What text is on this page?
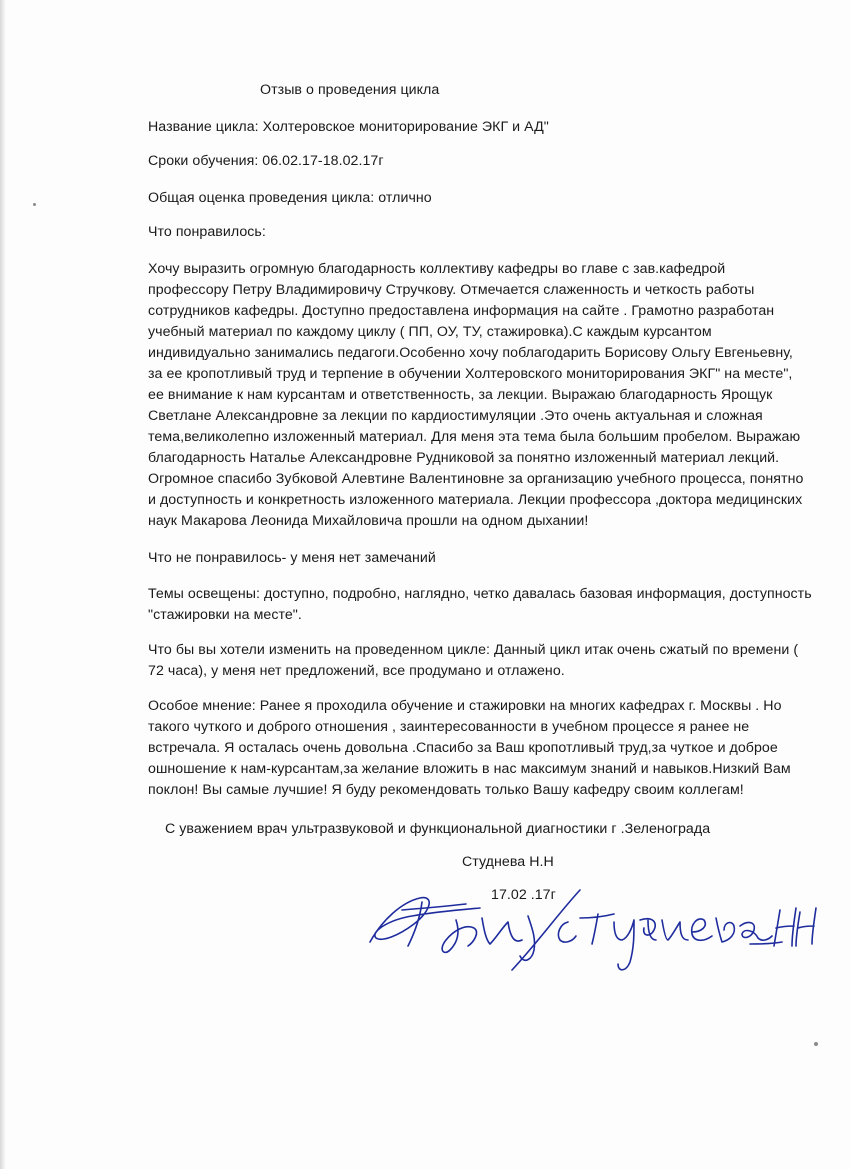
Отзыв о проведения цикла
Название цикла: Холтеровское мониторирование ЭКГ и АД"
Сроки обучения: 06.02.17-18.02.17г
Общая оценка проведения цикла: отлично
Что понравилось:
Хочу выразить огромную благодарность коллективу кафедры во главе с зав.кафедрой
профессору Петру Владимировичу Стручкову. Отмечается слаженность и четкость работы
сотрудников кафедры. Доступно предоставлена информация на сайте . Грамотно разработан
учебный материал по каждому циклу ( ПП, ОУ, ТУ, стажировка).С каждым курсантом
индивидуально занимались педагоги.Особенно хочу поблагодарить Борисову Ольгу Евгеньевну,
за ее кропотливый труд и терпение в обучении Холтеровского мониторирования ЭКГ" на месте",
ее внимание к нам курсантам и ответственность, за лекции. Выражаю благодарность Ярощук
Светлане Александровне за лекции по кардиостимуляции .Это очень актуальная и сложная
тема,великолепно изложенный материал. Для меня эта тема была большим пробелом. Выражаю
благодарность Наталье Александровне Рудниковой за понятно изложенный материал лекций.
Огромное спасибо Зубковой Алевтине Валентиновне за организацию учебного процесса, понятно
и доступность и конкретность изложенного материала. Лекции профессора ,доктора медицинских
наук Макарова Леонида Михайловича прошли на одном дыхании!
Что не понравилось- у меня нет замечаний
Темы освещены: доступно, подробно, наглядно, четко давалась базовая информация, доступность
"стажировки на месте".
Что бы вы хотели изменить на проведенном цикле: Данный цикл итак очень сжатый по времени (
72 часа), у меня нет предложений, все продумано и отлажено.
Особое мнение: Ранее я проходила обучение и стажировки на многих кафедрах г. Москвы . Но
такого чуткого и доброго отношения , заинтересованности в учебном процессе я ранее не
встречала. Я осталась очень довольна .Спасибо за Ваш кропотливый труд,за чуткое и доброе
ошношение к нам-курсантам,за желание вложить в нас максимум знаний и навыков.Низкий Вам
поклон! Вы самые лучшие! Я буду рекомендовать только Вашу кафедру своим коллегам!
С уважением врач ультразвуковой и функциональной диагностики г .Зеленограда
Студнева Н.Н
17.02 .17г
